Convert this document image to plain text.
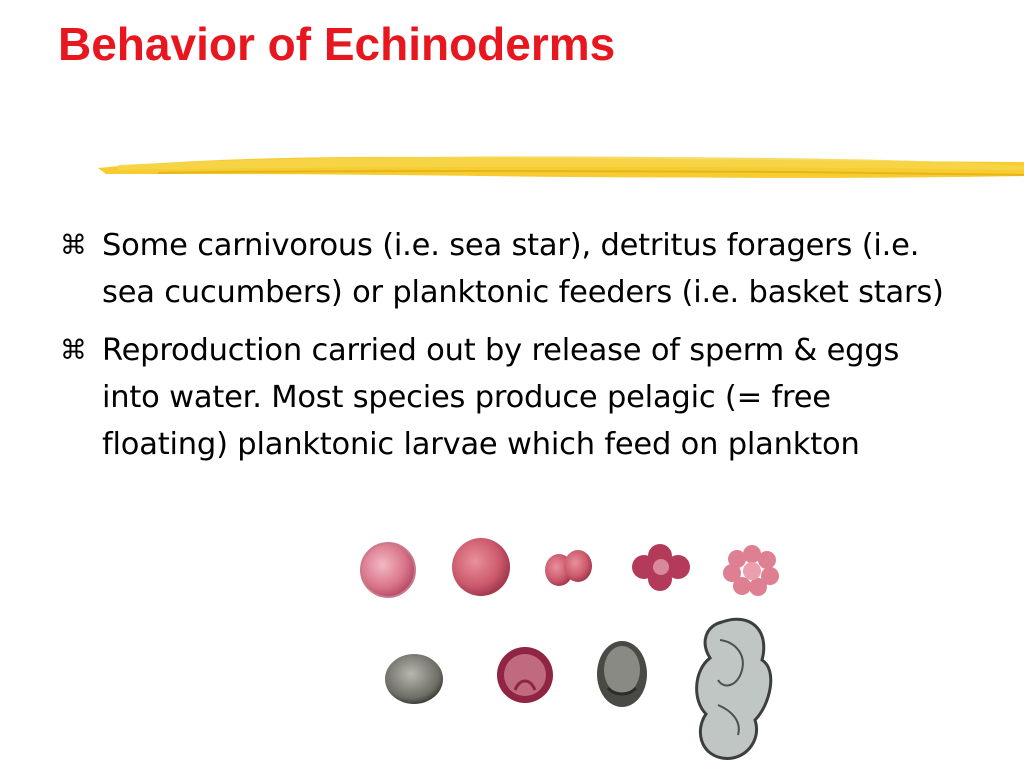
Behavior of Echinoderms
⌘ Some carnivorous (i.e. sea star), detritus foragers (i.e. sea cucumbers) or planktonic feeders (i.e. basket stars)
⌘ Reproduction carried out by release of sperm & eggs into water. Most species produce pelagic (= free floating) planktonic larvae which feed on plankton
